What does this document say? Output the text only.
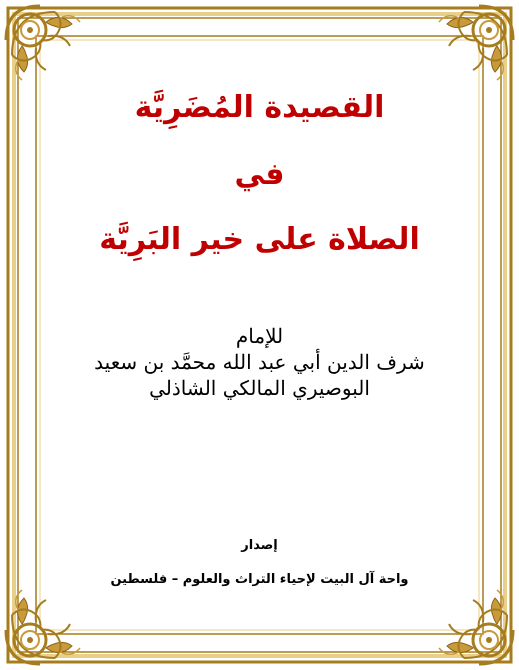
القصيدة المُضَرِيَّة
في
الصلاة على خير البَرِيَّة
للإمام
شرف الدين أبي عبد الله محمَّد بن سعيد
البوصيري المالكي الشاذلي
إصدار
واحة آل البيت لإحياء التراث والعلوم – فلسطين
